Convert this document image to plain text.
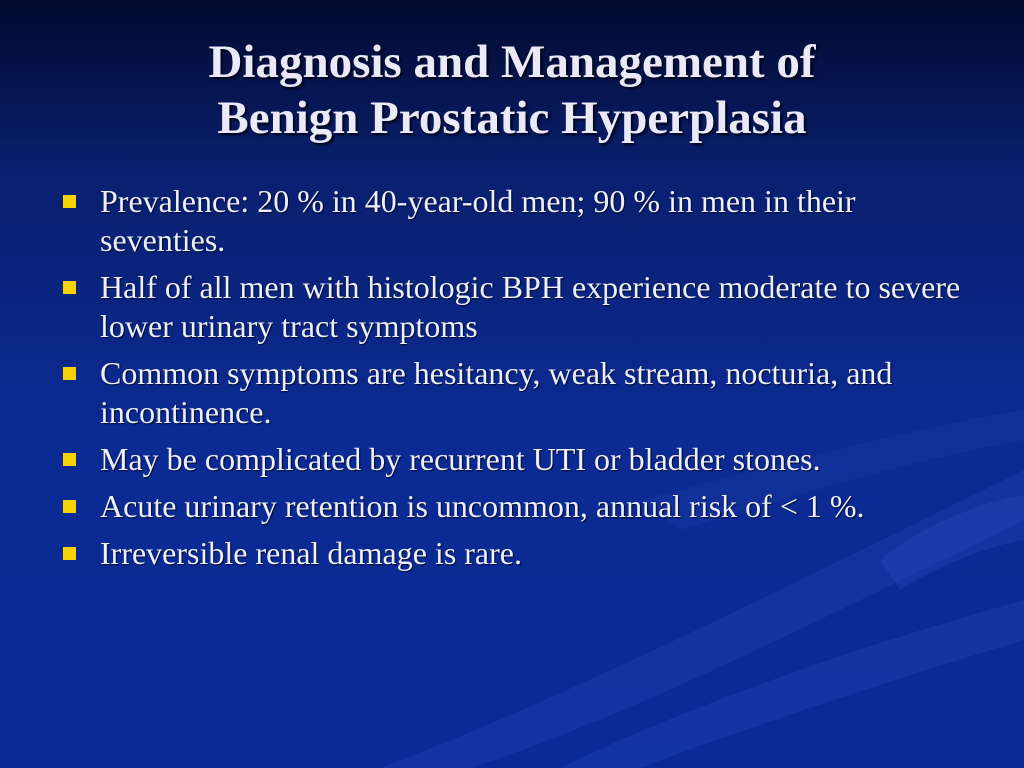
Diagnosis and Management of
Benign Prostatic Hyperplasia
Prevalence: 20 % in 40-year-old men; 90 % in men in their seventies.
Half of all men with histologic BPH experience moderate to severe lower urinary tract symptoms
Common symptoms are hesitancy, weak stream, nocturia, and incontinence.
May be complicated by recurrent UTI or bladder stones.
Acute urinary retention is uncommon, annual risk of < 1 %.
Irreversible renal damage is rare.
